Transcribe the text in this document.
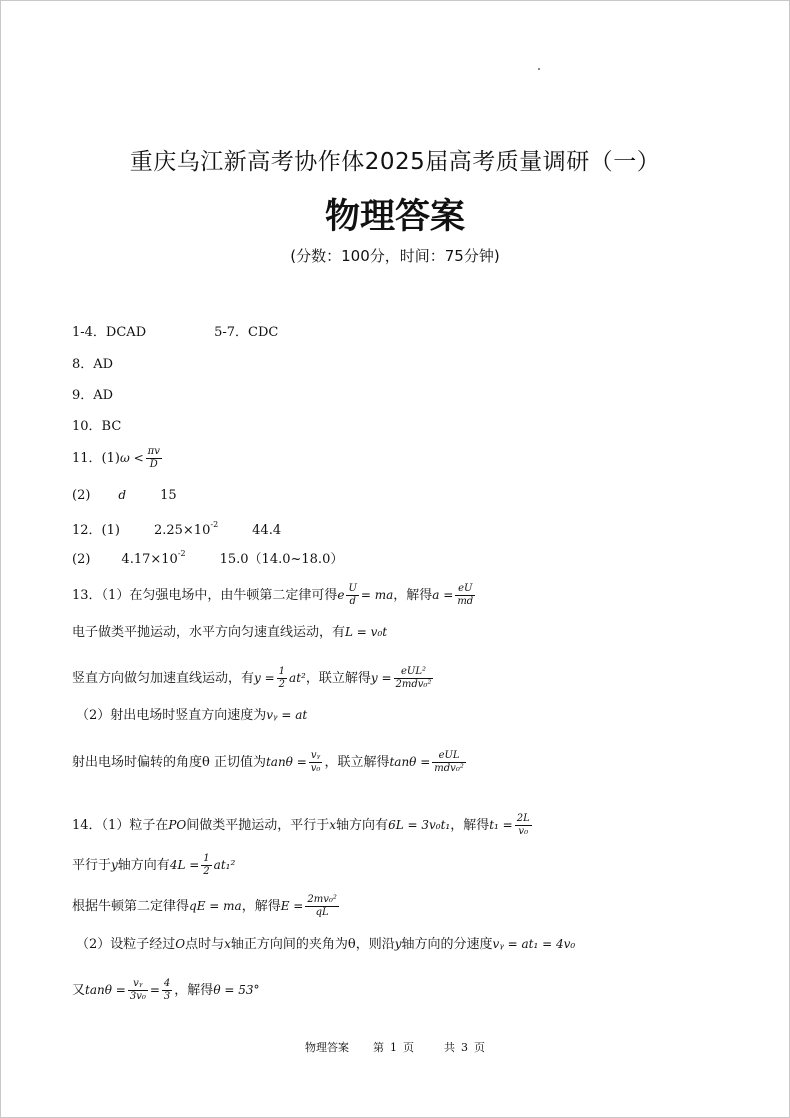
重庆乌江新高考协作体2025届高考质量调研（一）
物理答案
(分数：100分，时间：75分钟)
1-4．DCAD	5-7．CDC
8．AD
9．AD
10．BC
11．$(1)\omega < \frac{\pi v}{D}$
(2) d	15
12．(1)	$2.25\times 10^{-2}$	44.4
(2) $4.17\times 10^{-2}$	15.0（14.0~18.0）
13．（1）在匀强电场中，由牛顿第二定律可得e $\frac{U}{d}$ = ma，解得$a = \frac{eU}{md}$
电子做类平抛运动，水平方向匀速直线运动，有L = v₀t
竖直方向做匀加速直线运动，有$y = \frac{1}{2} at^2$，联立解得$y = \frac{\text{eUL²}}{\text{2mdv₀²}}$
（2）射出电场时竖直方向速度为vᵧ = at
射出电场时偏转的角度θ 正切值为$\tan\theta = \frac{\text{vᵧ}}{\text{v₀}}$ ，联立解得$\tan\theta = \frac{\text{eUL}}{\text{mdv₀²}}$
14．（1）粒子在PO间做类平抛运动，平行于x轴方向有6L = 3v₀t₁，解得$t_1 = \frac{2L}{\text{v₀}}$
平行于y轴方向有$4L = \frac{1}{2} at_1^2$
根据牛顿第二定律得qE = ma，解得$E = \frac{\text{2mv₀²}}{qL}$
（2）设粒子经过O点时与x轴正方向间的夹角为θ，则沿y轴方向的分速度vᵧ = at₁ = 4v₀
又$\tan\theta = \frac{\text{vᵧ}}{\text{3v₀}} = \frac{4}{3}$ ，解得θ = 53°
物理答案 第 1 页	共 3 页
